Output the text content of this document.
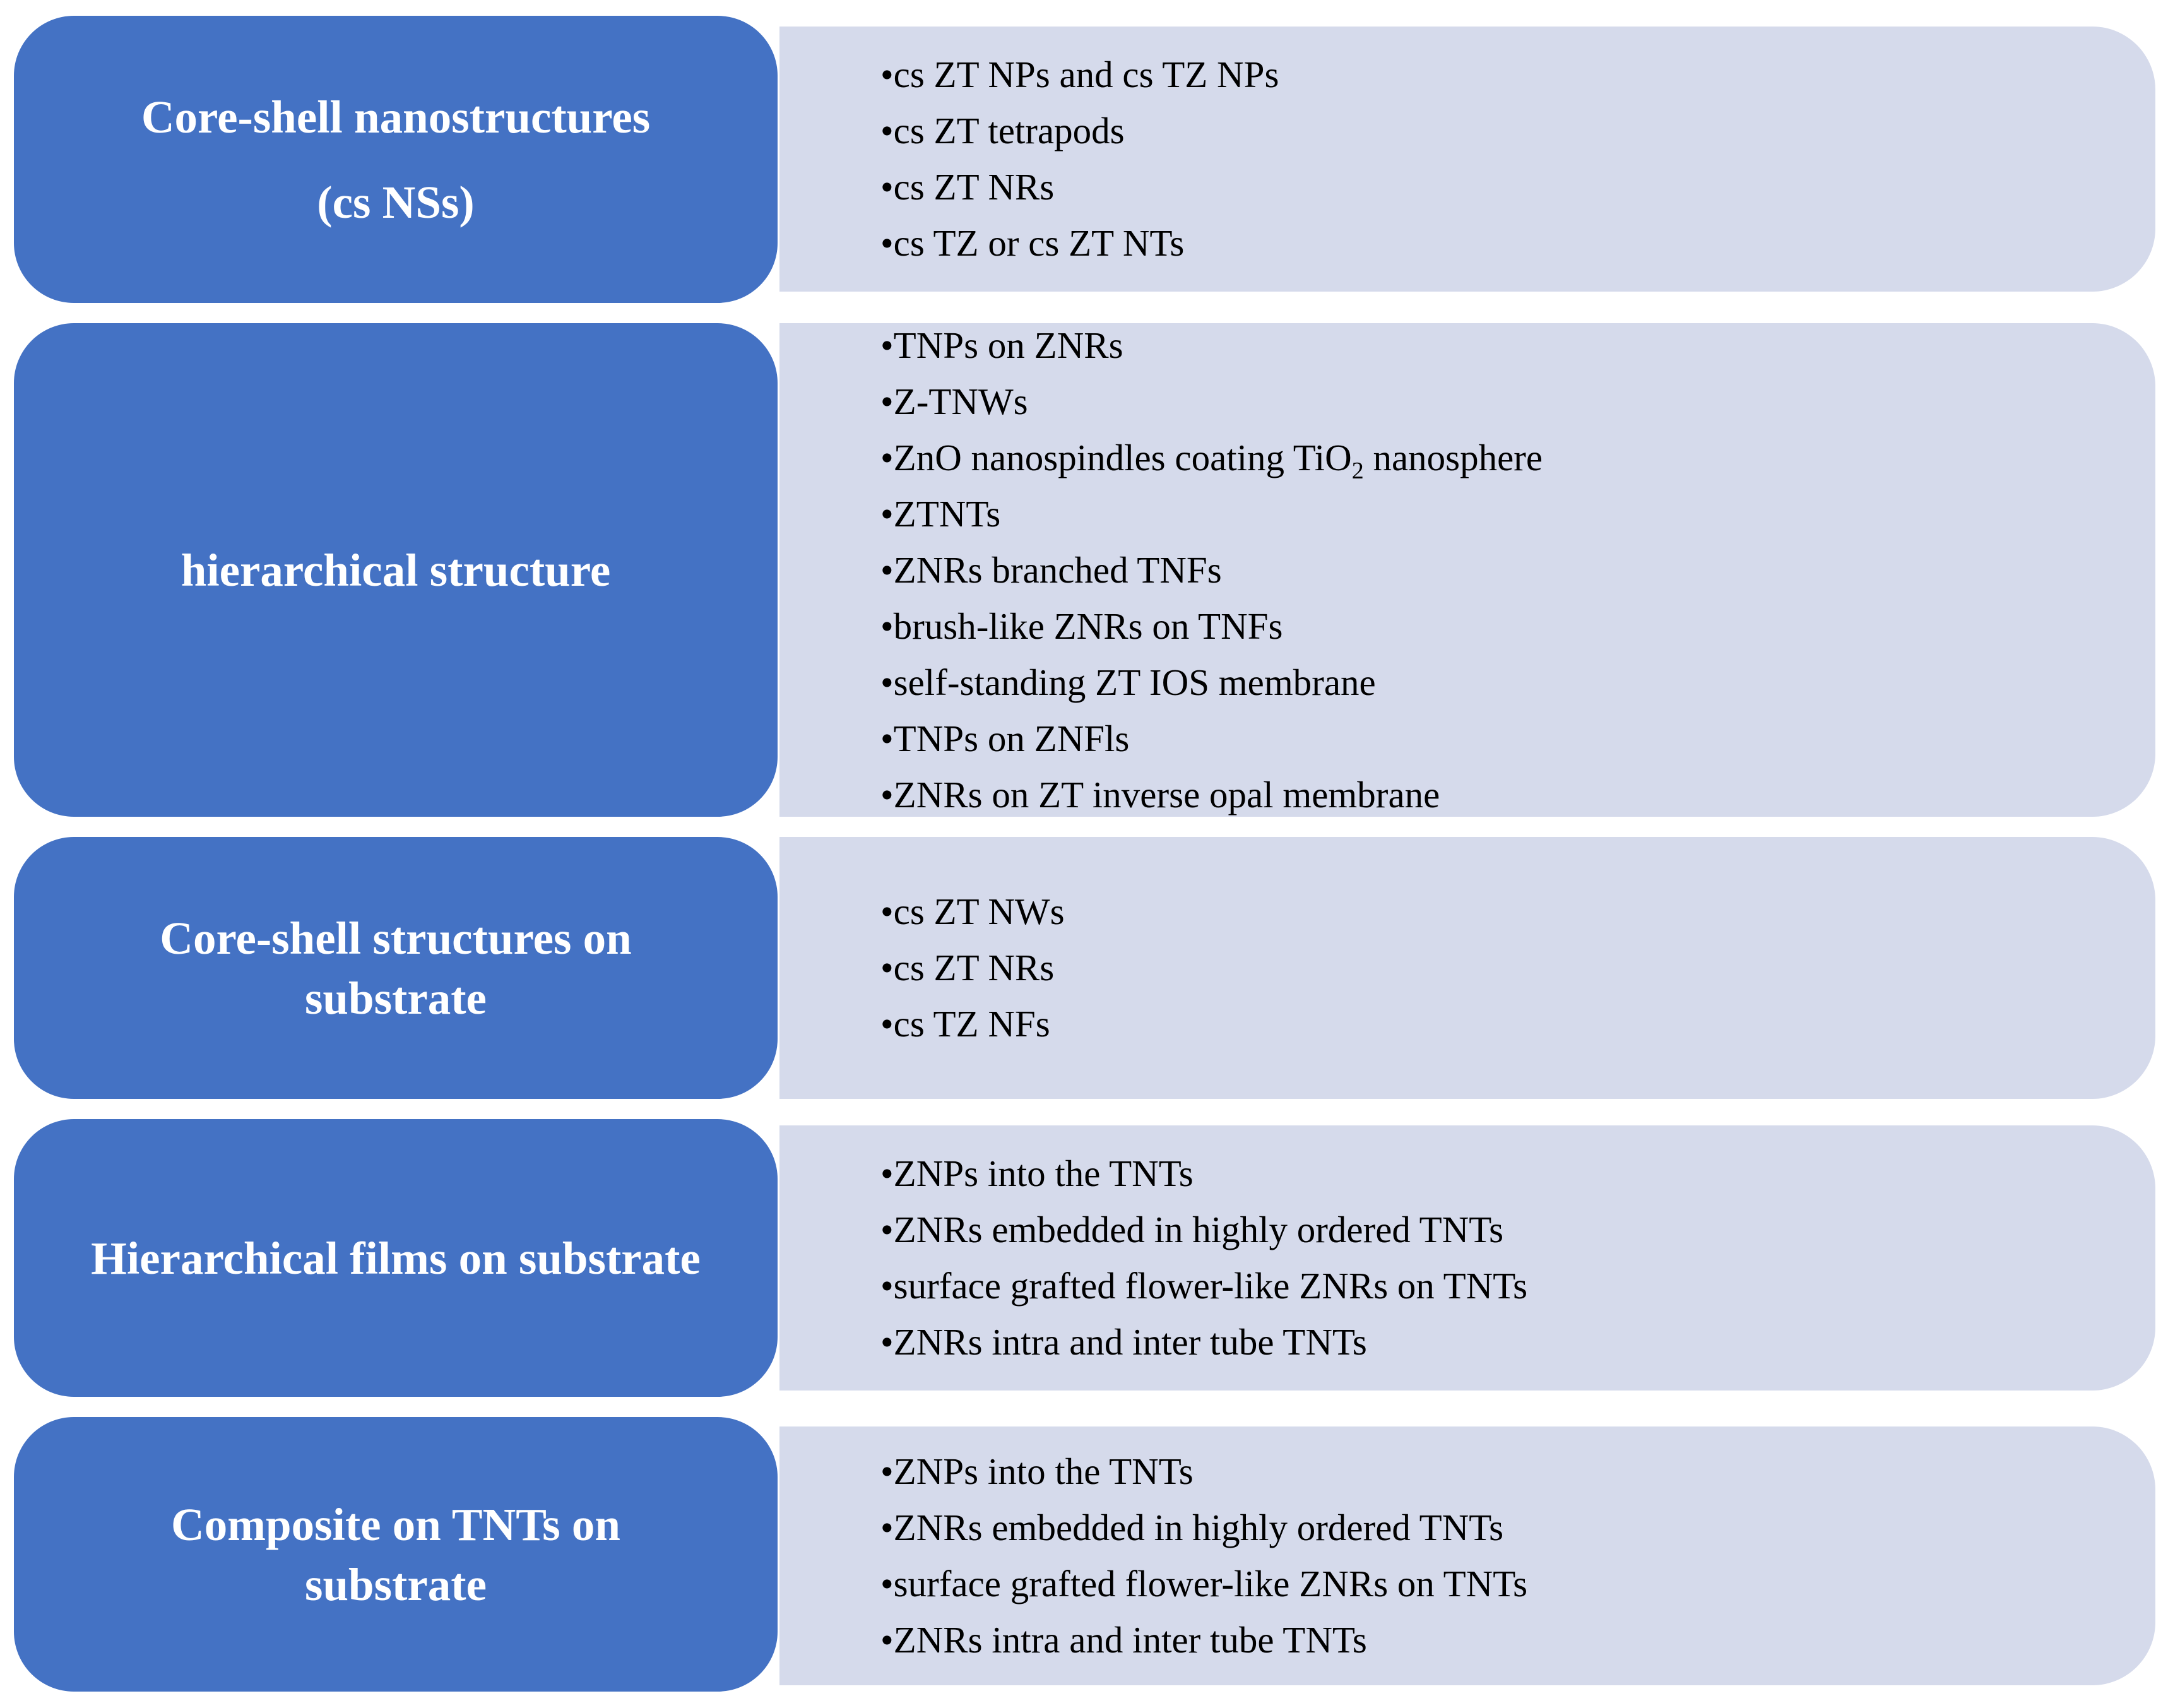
Core-shell nanostructures
(cs NSs)
•cs ZT NPs and cs TZ NPs
•cs ZT tetrapods
•cs ZT NRs
•cs TZ or cs ZT NTs
hierarchical structure
•TNPs on ZNRs
•Z-TNWs
•ZnO nanospindles coating TiO$_2$ nanosphere
•ZTNTs
•ZNRs branched TNFs
•brush-like ZNRs on TNFs
•self-standing ZT IOS membrane
•TNPs on ZNFls
•ZNRs on ZT inverse opal membrane
Core-shell structures on
substrate
•cs ZT NWs
•cs ZT NRs
•cs TZ NFs
Hierarchical films on substrate
•ZNPs into the TNTs
•ZNRs embedded in highly ordered TNTs
•surface grafted flower-like ZNRs on TNTs
•ZNRs intra and inter tube TNTs
Composite on TNTs on
substrate
•ZNPs into the TNTs
•ZNRs embedded in highly ordered TNTs
•surface grafted flower-like ZNRs on TNTs
•ZNRs intra and inter tube TNTs
